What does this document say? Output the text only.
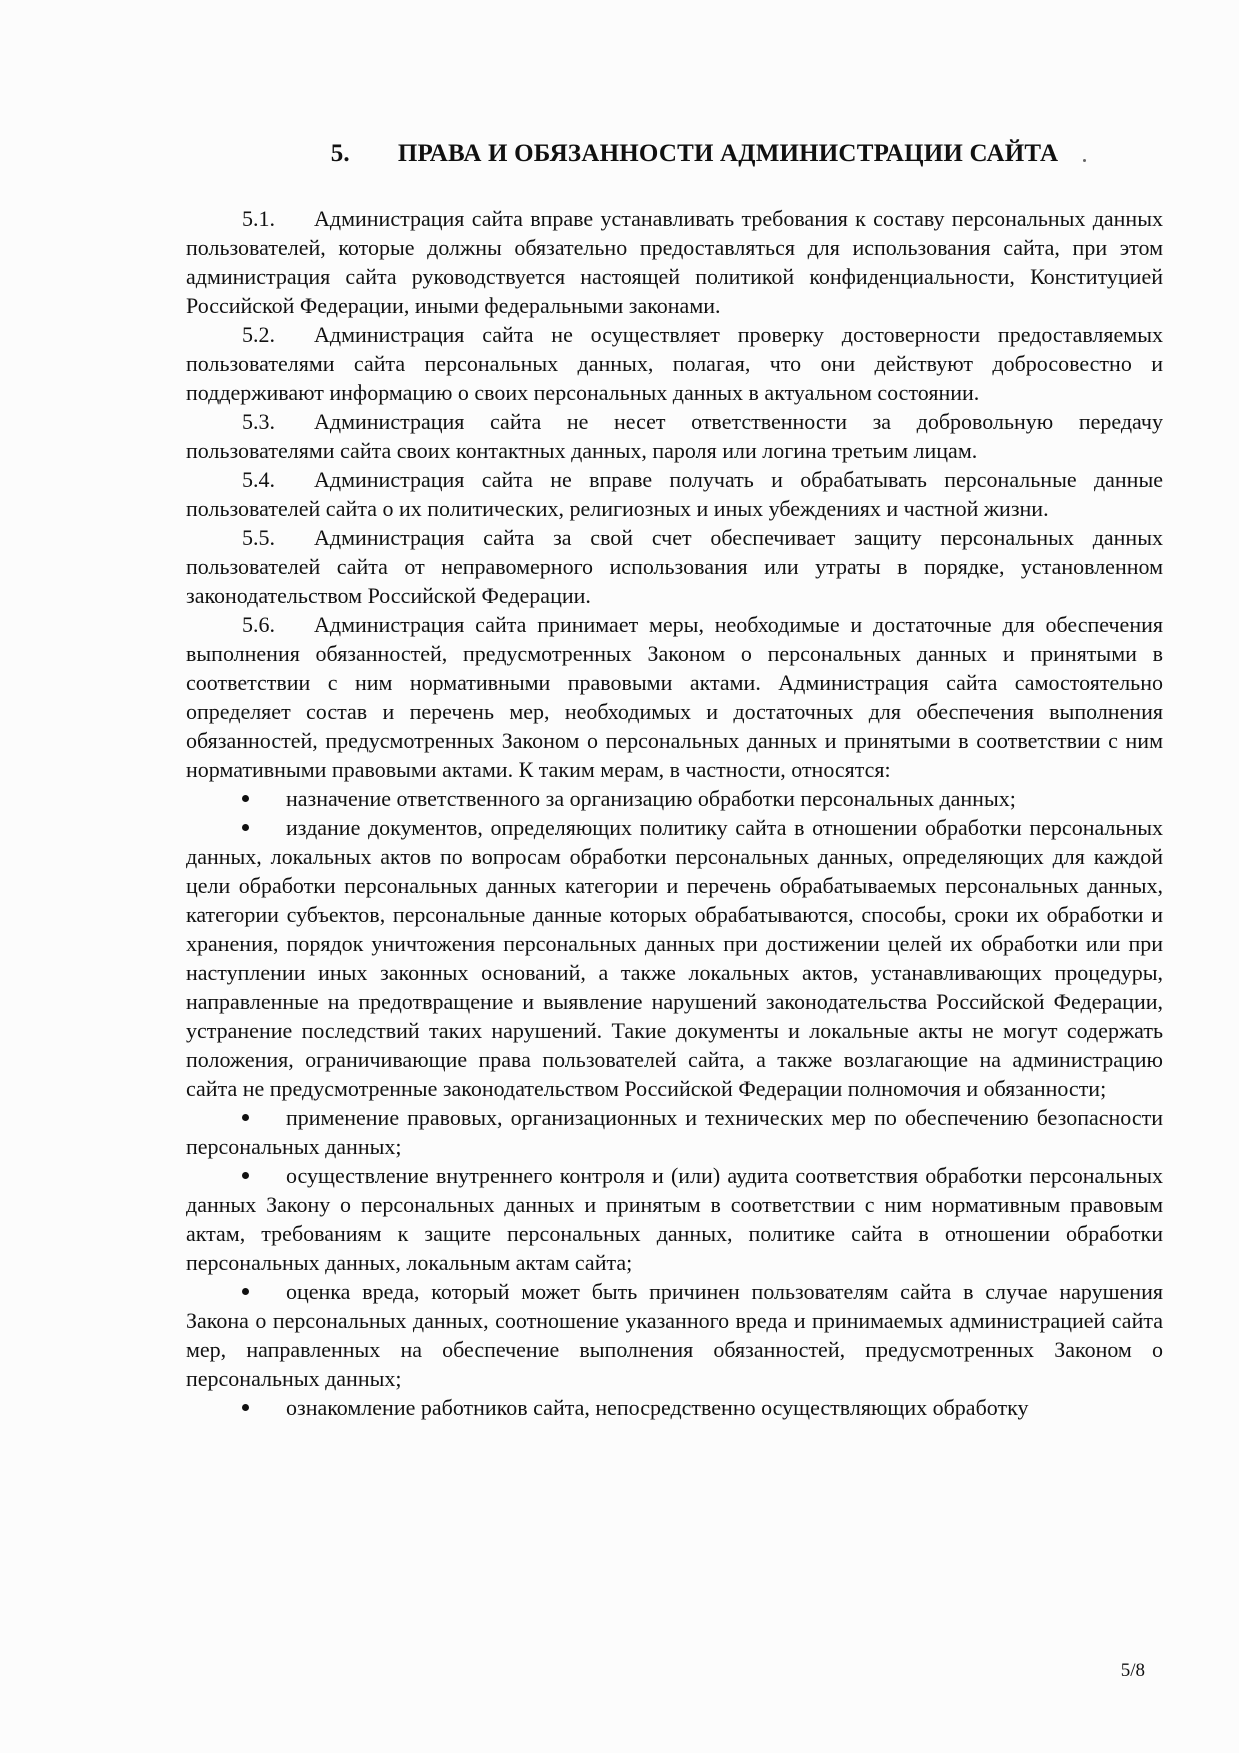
5. ПРАВА И ОБЯЗАННОСТИ АДМИНИСТРАЦИИ САЙТА

5.1. Администрация сайта вправе устанавливать требования к составу персональных данных пользователей, которые должны обязательно предоставляться для использования сайта, при этом администрация сайта руководствуется настоящей политикой конфиденциальности, Конституцией Российской Федерации, иными федеральными законами.

5.2. Администрация сайта не осуществляет проверку достоверности предоставляемых пользователями сайта персональных данных, полагая, что они действуют добросовестно и поддерживают информацию о своих персональных данных в актуальном состоянии.

5.3. Администрация сайта не несет ответственности за добровольную передачу пользователями сайта своих контактных данных, пароля или логина третьим лицам.

5.4. Администрация сайта не вправе получать и обрабатывать персональные данные пользователей сайта о их политических, религиозных и иных убеждениях и частной жизни.

5.5. Администрация сайта за свой счет обеспечивает защиту персональных данных пользователей сайта от неправомерного использования или утраты в порядке, установленном законодательством Российской Федерации.

5.6. Администрация сайта принимает меры, необходимые и достаточные для обеспечения выполнения обязанностей, предусмотренных Законом о персональных данных и принятыми в соответствии с ним нормативными правовыми актами. Администрация сайта самостоятельно определяет состав и перечень мер, необходимых и достаточных для обеспечения выполнения обязанностей, предусмотренных Законом о персональных данных и принятыми в соответствии с ним нормативными правовыми актами. К таким мерам, в частности, относятся:

назначение ответственного за организацию обработки персональных данных;

издание документов, определяющих политику сайта в отношении обработки персональных данных, локальных актов по вопросам обработки персональных данных, определяющих для каждой цели обработки персональных данных категории и перечень обрабатываемых персональных данных, категории субъектов, персональные данные которых обрабатываются, способы, сроки их обработки и хранения, порядок уничтожения персональных данных при достижении целей их обработки или при наступлении иных законных оснований, а также локальных актов, устанавливающих процедуры, направленные на предотвращение и выявление нарушений законодательства Российской Федерации, устранение последствий таких нарушений. Такие документы и локальные акты не могут содержать положения, ограничивающие права пользователей сайта, а также возлагающие на администрацию сайта не предусмотренные законодательством Российской Федерации полномочия и обязанности;

применение правовых, организационных и технических мер по обеспечению безопасности персональных данных;

осуществление внутреннего контроля и (или) аудита соответствия обработки персональных данных Закону о персональных данных и принятым в соответствии с ним нормативным правовым актам, требованиям к защите персональных данных, политике сайта в отношении обработки персональных данных, локальным актам сайта;

оценка вреда, который может быть причинен пользователям сайта в случае нарушения Закона о персональных данных, соотношение указанного вреда и принимаемых администрацией сайта мер, направленных на обеспечение выполнения обязанностей, предусмотренных Законом о персональных данных;

ознакомление работников сайта, непосредственно осуществляющих обработку

5/8
